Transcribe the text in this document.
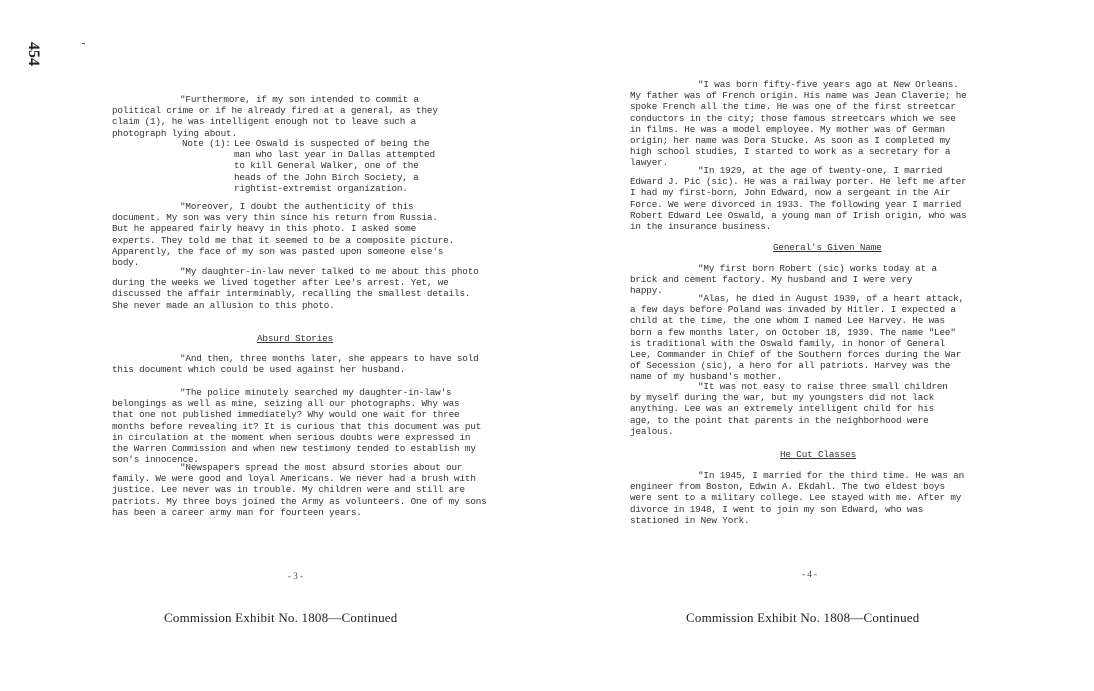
454
"Furthermore, if my son intended to commit a political crime or if he already fired at a general, as they claim (1), he was intelligent enough not to leave such a photograph lying about.
Note (1): Lee Oswald is suspected of being the man who last year in Dallas attempted to kill General Walker, one of the heads of the John Birch Society, a rightist-extremist organization.
"Moreover, I doubt the authenticity of this document. My son was very thin since his return from Russia. But he appeared fairly heavy in this photo. I asked some experts. They told me that it seemed to be a composite picture. Apparently, the face of my son was pasted upon someone else's body.
"My daughter-in-law never talked to me about this photo during the weeks we lived together after Lee's arrest. Yet, we discussed the affair interminably, recalling the smallest details. She never made an allusion to this photo.
Absurd Stories
"And then, three months later, she appears to have sold this document which could be used against her husband.
"The police minutely searched my daughter-in-law's belongings as well as mine, seizing all our photographs. Why was that one not published immediately? Why would one wait for three months before revealing it? It is curious that this document was put in circulation at the moment when serious doubts were expressed in the Warren Commission and when new testimony tended to establish my son's innocence.
"Newspapers spread the most absurd stories about our family. We were good and loyal Americans. We never had a brush with justice. Lee never was in trouble. My children were and still are patriots. My three boys joined the Army as volunteers. One of my sons has been a career army man for fourteen years.
- 3 -
Commission Exhibit No. 1808—Continued
"I was born fifty-five years ago at New Orleans. My father was of French origin. His name was Jean Claverie; he spoke French all the time. He was one of the first streetcar conductors in the city; those famous streetcars which we see in films. He was a model employee. My mother was of German origin; her name was Dora Stucke. As soon as I completed my high school studies, I started to work as a secretary for a lawyer.
"In 1929, at the age of twenty-one, I married Edward J. Pic (sic). He was a railway porter. He left me after I had my first-born, John Edward, now a sergeant in the Air Force. We were divorced in 1933. The following year I married Robert Edward Lee Oswald, a young man of Irish origin, who was in the insurance business.
General's Given Name
"My first born Robert (sic) works today at a brick and cement factory. My husband and I were very happy.
"Alas, he died in August 1939, of a heart attack, a few days before Poland was invaded by Hitler. I expected a child at the time, the one whom I named Lee Harvey. He was born a few months later, on October 18, 1939. The name "Lee" is traditional with the Oswald family, in honor of General Lee, Commander in Chief of the Southern forces during the War of Secession (sic), a hero for all patriots. Harvey was the name of my husband's mother.
"It was not easy to raise three small children by myself during the war, but my youngsters did not lack anything. Lee was an extremely intelligent child for his age, to the point that parents in the neighborhood were jealous.
He Cut Classes
"In 1945, I married for the third time. He was an engineer from Boston, Edwin A. Ekdahl. The two eldest boys were sent to a military college. Lee stayed with me. After my divorce in 1948, I went to join my son Edward, who was stationed in New York.
- 4 -
Commission Exhibit No. 1808—Continued
